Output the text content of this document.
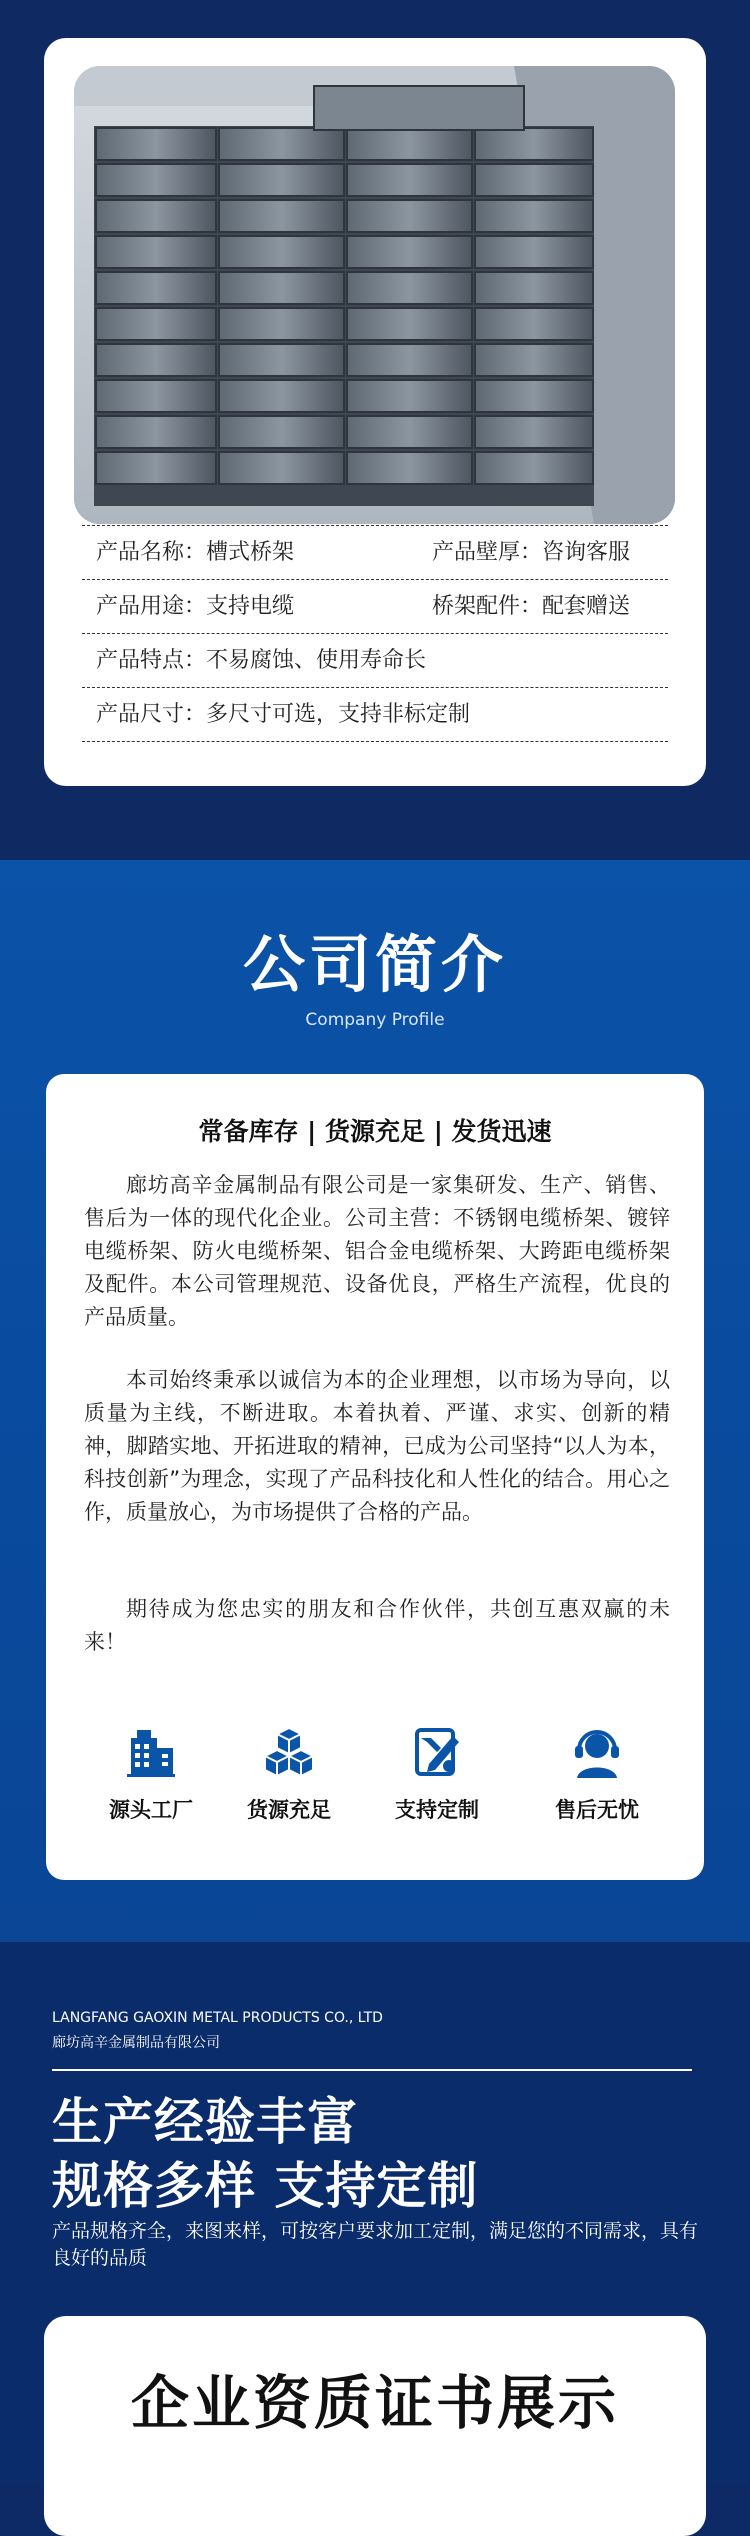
产品名称：槽式桥架	产品壁厚：咨询客服
产品用途：支持电缆	桥架配件：配套赠送
产品特点：不易腐蚀、使用寿命长
产品尺寸：多尺寸可选，支持非标定制
公司简介
Company Profile
常备库存 | 货源充足 | 发货迅速
廊坊高辛金属制品有限公司是一家集研发、生产、销售、售后为一体的现代化企业。公司主营：不锈钢电缆桥架、镀锌电缆桥架、防火电缆桥架、铝合金电缆桥架、大跨距电缆桥架及配件。本公司管理规范、设备优良，严格生产流程，优良的产品质量。
本司始终秉承以诚信为本的企业理想，以市场为导向，以质量为主线，不断进取。本着执着、严谨、求实、创新的精神，脚踏实地、开拓进取的精神，已成为公司坚持“以人为本，科技创新”为理念，实现了产品科技化和人性化的结合。用心之作，质量放心，为市场提供了合格的产品。
期待成为您忠实的朋友和合作伙伴，共创互惠双赢的未来！
源头工厂	货源充足	支持定制	售后无忧
LANGFANG GAOXIN METAL PRODUCTS CO., LTD
廊坊高辛金属制品有限公司
生产经验丰富
规格多样 支持定制
产品规格齐全，来图来样，可按客户要求加工定制，满足您的不同需求，具有良好的品质
企业资质证书展示
